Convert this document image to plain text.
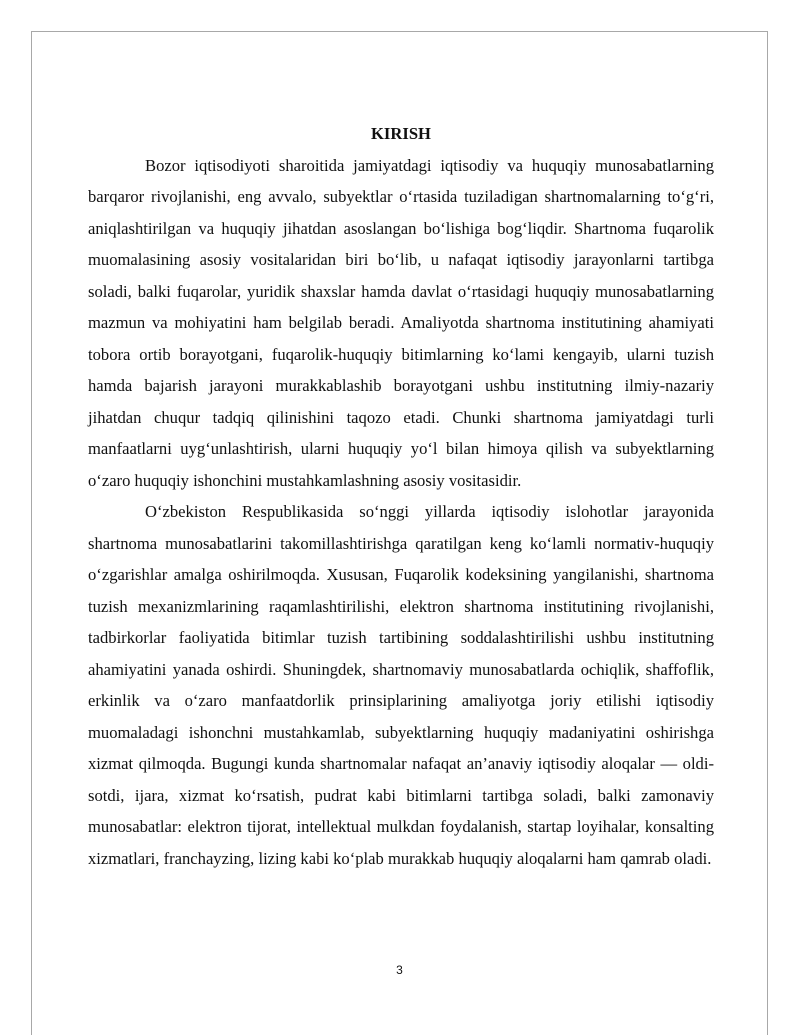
KIRISH

Bozor iqtisodiyoti sharoitida jamiyatdagi iqtisodiy va huquqiy munosabatlarning barqaror rivojlanishi, eng avvalo, subyektlar o‘rtasida tuziladigan shartnomalarning to‘g‘ri, aniqlashtirilgan va huquqiy jihatdan asoslangan bo‘lishiga bog‘liqdir. Shartnoma fuqarolik muomalasining asosiy vositalaridan biri bo‘lib, u nafaqat iqtisodiy jarayonlarni tartibga soladi, balki fuqarolar, yuridik shaxslar hamda davlat o‘rtasidagi huquqiy munosabatlarning mazmun va mohiyatini ham belgilab beradi. Amaliyotda shartnoma institutining ahamiyati tobora ortib borayotgani, fuqarolik-huquqiy bitimlarning ko‘lami kengayib, ularni tuzish hamda bajarish jarayoni murakkablashib borayotgani ushbu institutning ilmiy-nazariy jihatdan chuqur tadqiq qilinishini taqozo etadi. Chunki shartnoma jamiyatdagi turli manfaatlarni uyg‘unlashtirish, ularni huquqiy yo‘l bilan himoya qilish va subyektlarning o‘zaro huquqiy ishonchini mustahkamlashning asosiy vositasidir.

O‘zbekiston Respublikasida so‘nggi yillarda iqtisodiy islohotlar jarayonida shartnoma munosabatlarini takomillashtirishga qaratilgan keng ko‘lamli normativ-huquqiy o‘zgarishlar amalga oshirilmoqda. Xususan, Fuqarolik kodeksining yangilanishi, shartnoma tuzish mexanizmlarining raqamlashtirilishi, elektron shartnoma institutining rivojlanishi, tadbirkorlar faoliyatida bitimlar tuzish tartibining soddalashtirilishi ushbu institutning ahamiyatini yanada oshirdi. Shuningdek, shartnomaviy munosabatlarda ochiqlik, shaffoflik, erkinlik va o‘zaro manfaatdorlik prinsiplarining amaliyotga joriy etilishi iqtisodiy muomaladagi ishonchni mustahkamlab, subyektlarning huquqiy madaniyatini oshirishga xizmat qilmoqda. Bugungi kunda shartnomalar nafaqat an’anaviy iqtisodiy aloqalar — oldi-sotdi, ijara, xizmat ko‘rsatish, pudrat kabi bitimlarni tartibga soladi, balki zamonaviy munosabatlar: elektron tijorat, intellektual mulkdan foydalanish, startap loyihalar, konsalting xizmatlari, franchayzing, lizing kabi ko‘plab murakkab huquqiy aloqalarni ham qamrab oladi.

3
